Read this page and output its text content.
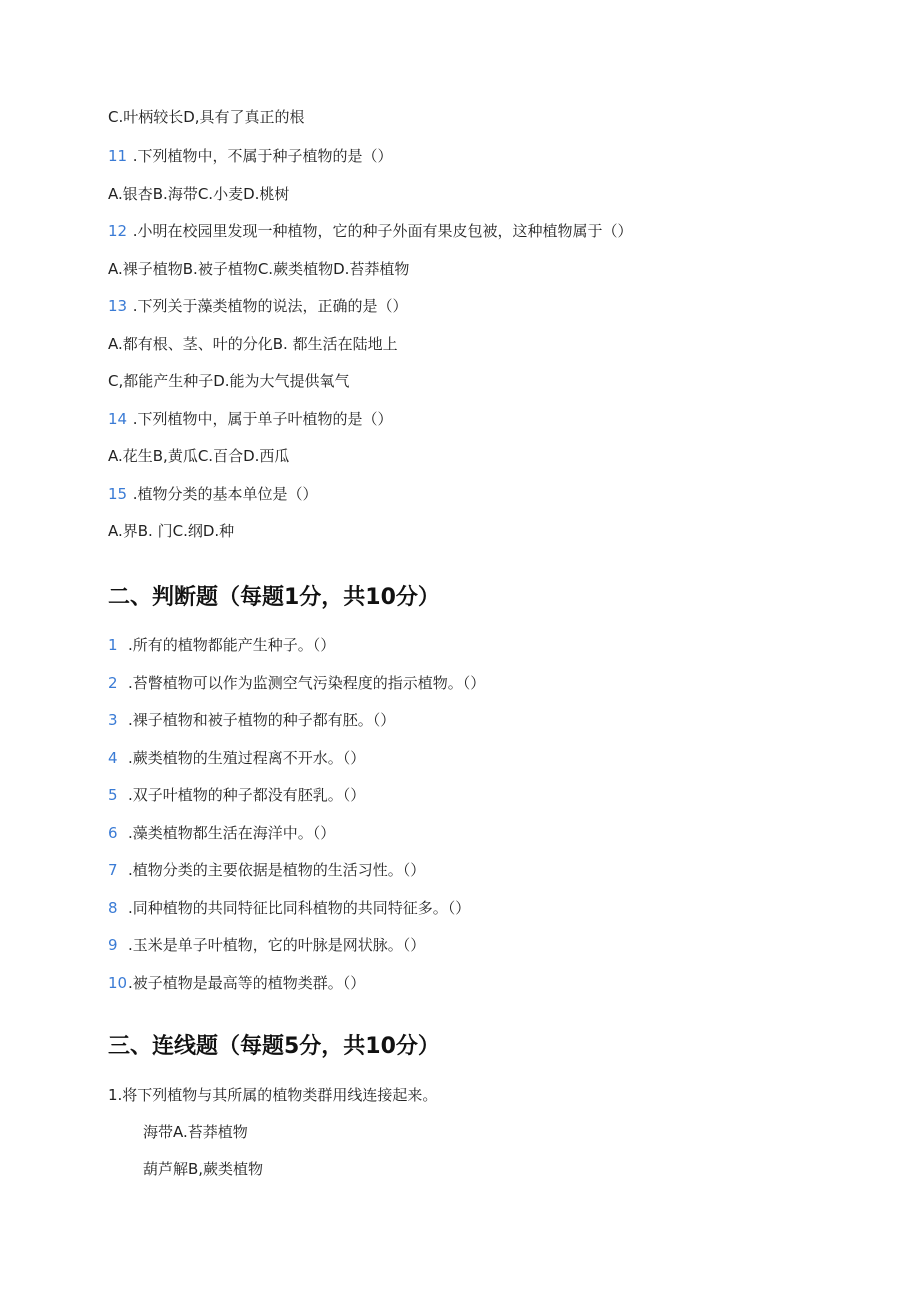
C.叶柄较长D,具有了真正的根
11 .下列植物中，不属于种子植物的是（）
A.银杏B.海带C.小麦D.桃树
12 .小明在校园里发现一种植物，它的种子外面有果皮包被，这种植物属于（）
A.裸子植物B.被子植物C.蕨类植物D.苔莽植物
13 .下列关于藻类植物的说法，正确的是（）
A.都有根、茎、叶的分化B. 都生活在陆地上
C,都能产生种子D.能为大气提供氧气
14 .下列植物中，属于单子叶植物的是（）
A.花生B,黄瓜C.百合D.西瓜
15 .植物分类的基本单位是（）
A.界B. 门C.纲D.种
二、判断题（每题1分，共10分）
1 .所有的植物都能产生种子。（）
2 .苔瞥植物可以作为监测空气污染程度的指示植物。（）
3 .裸子植物和被子植物的种子都有胚。（）
4 .蕨类植物的生殖过程离不开水。（）
5 .双子叶植物的种子都没有胚乳。（）
6 .藻类植物都生活在海洋中。（）
7 .植物分类的主要依据是植物的生活习性。（）
8 .同种植物的共同特征比同科植物的共同特征多。（）
9 .玉米是单子叶植物，它的叶脉是网状脉。（）
10.被子植物是最高等的植物类群。（）
三、连线题（每题5分，共10分）
1.将下列植物与其所属的植物类群用线连接起来。
海带A.苔莽植物
葫芦解B,蕨类植物
